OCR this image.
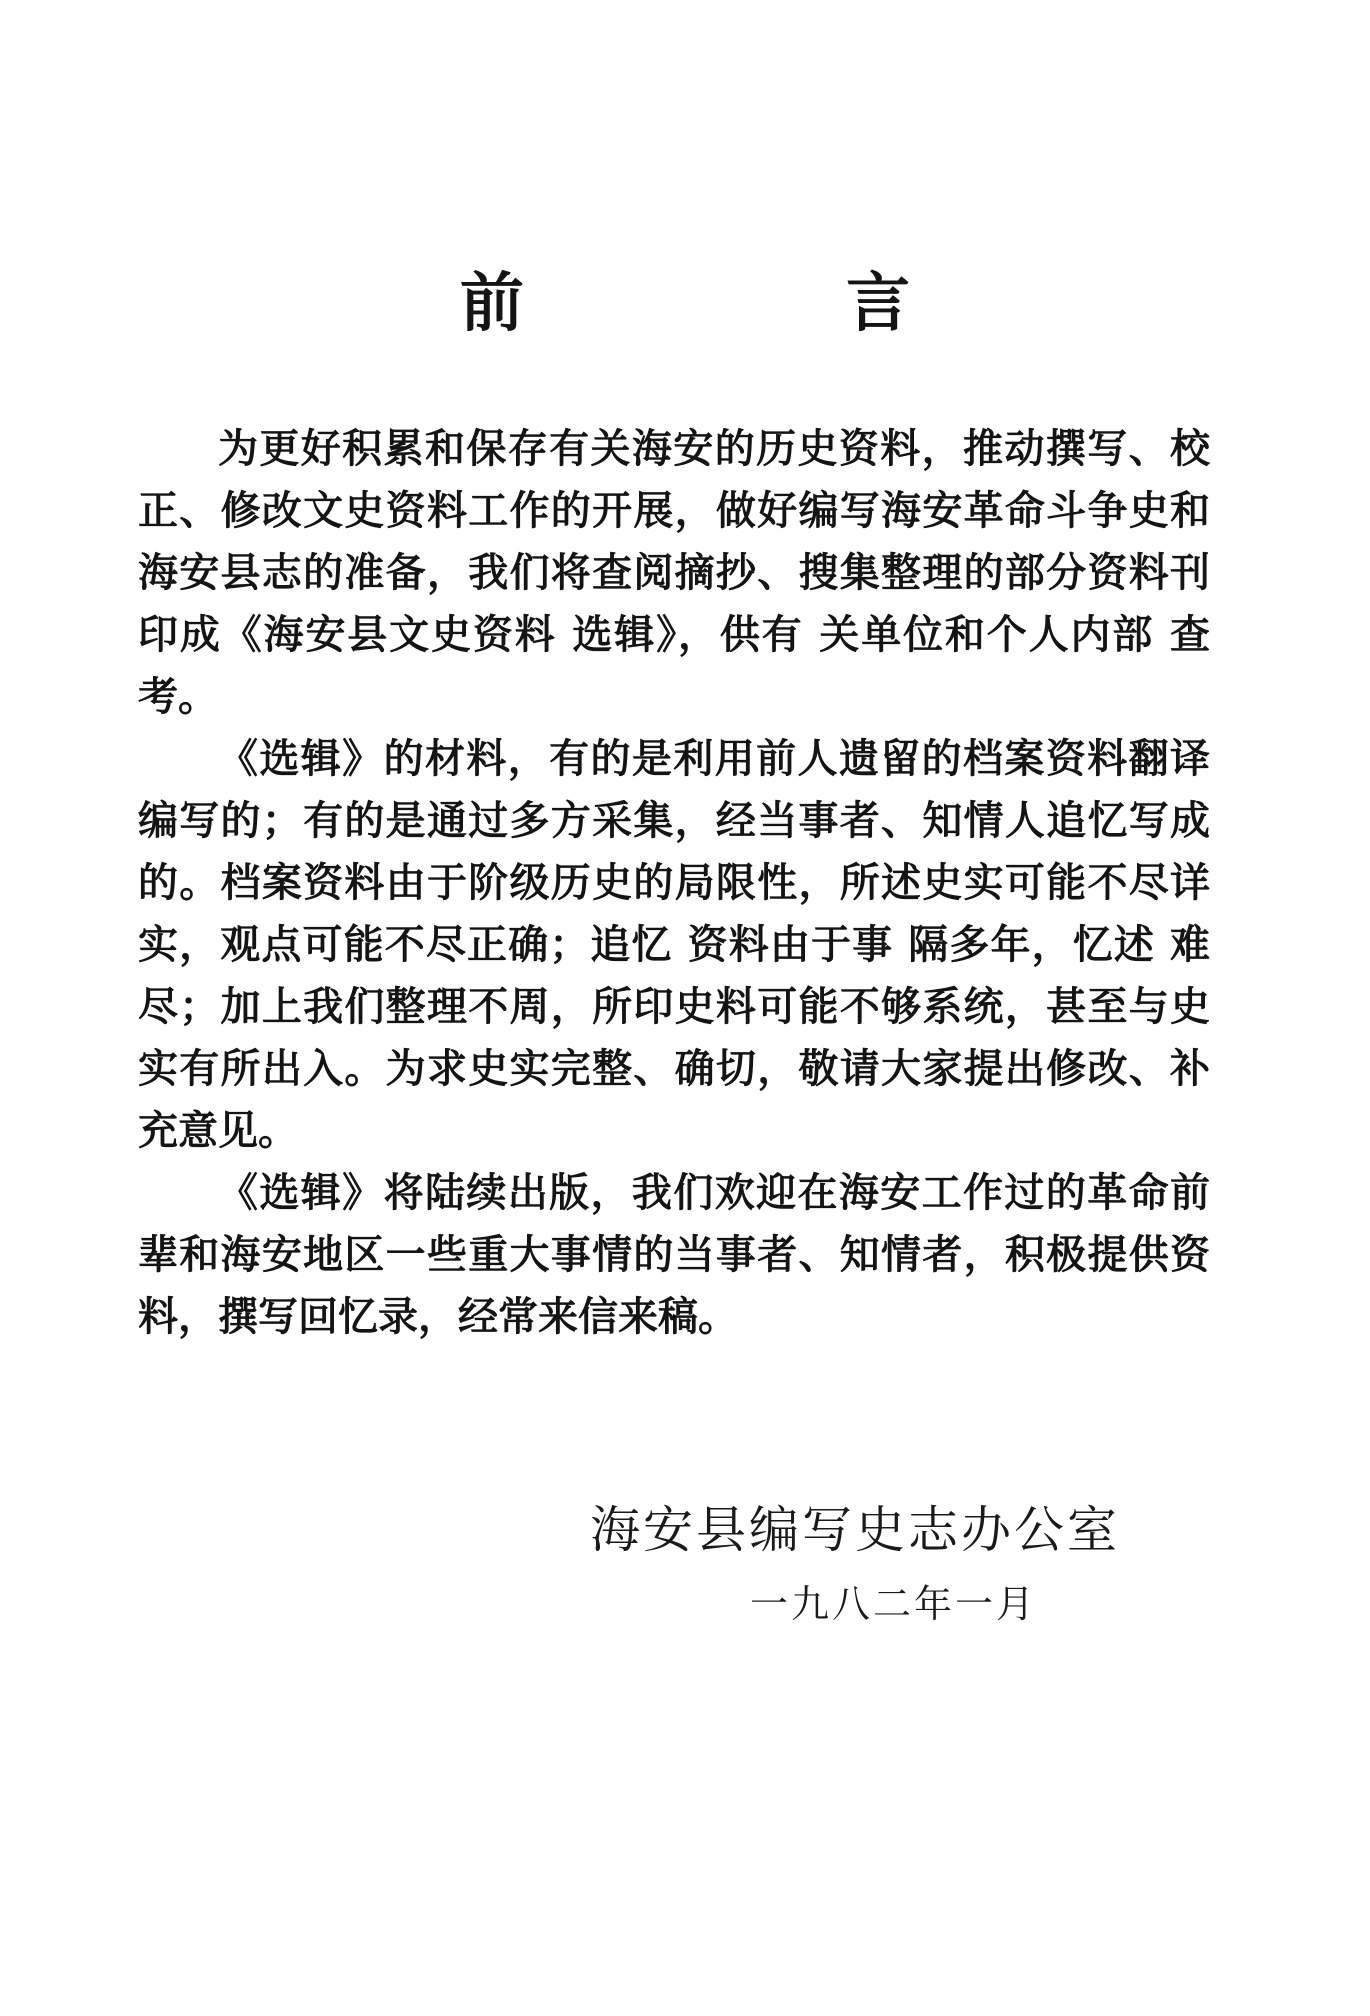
前 言

为更好积累和保存有关海安的历史资料，推动撰写、校正、修改文史资料工作的开展，做好编写海安革命斗争史和海安县志的准备，我们将查阅摘抄、搜集整理的部分资料刊印成《海安县文史资料 选辑》，供有 关单位和个人内部 查考。

《选辑》的材料，有的是利用前人遗留的档案资料翻译编写的；有的是通过多方采集，经当事者、知情人追忆写成的。档案资料由于阶级历史的局限性，所述史实可能不尽详实，观点可能不尽正确；追忆 资料由于事 隔多年，忆述 难尽；加上我们整理不周，所印史料可能不够系统，甚至与史实有所出入。为求史实完整、确切，敬请大家提出修改、补充意见。

《选辑》将陆续出版，我们欢迎在海安工作过的革命前辈和海安地区一些重大事情的当事者、知情者，积极提供资料，撰写回忆录，经常来信来稿。

海安县编写史志办公室
一九八二年一月
